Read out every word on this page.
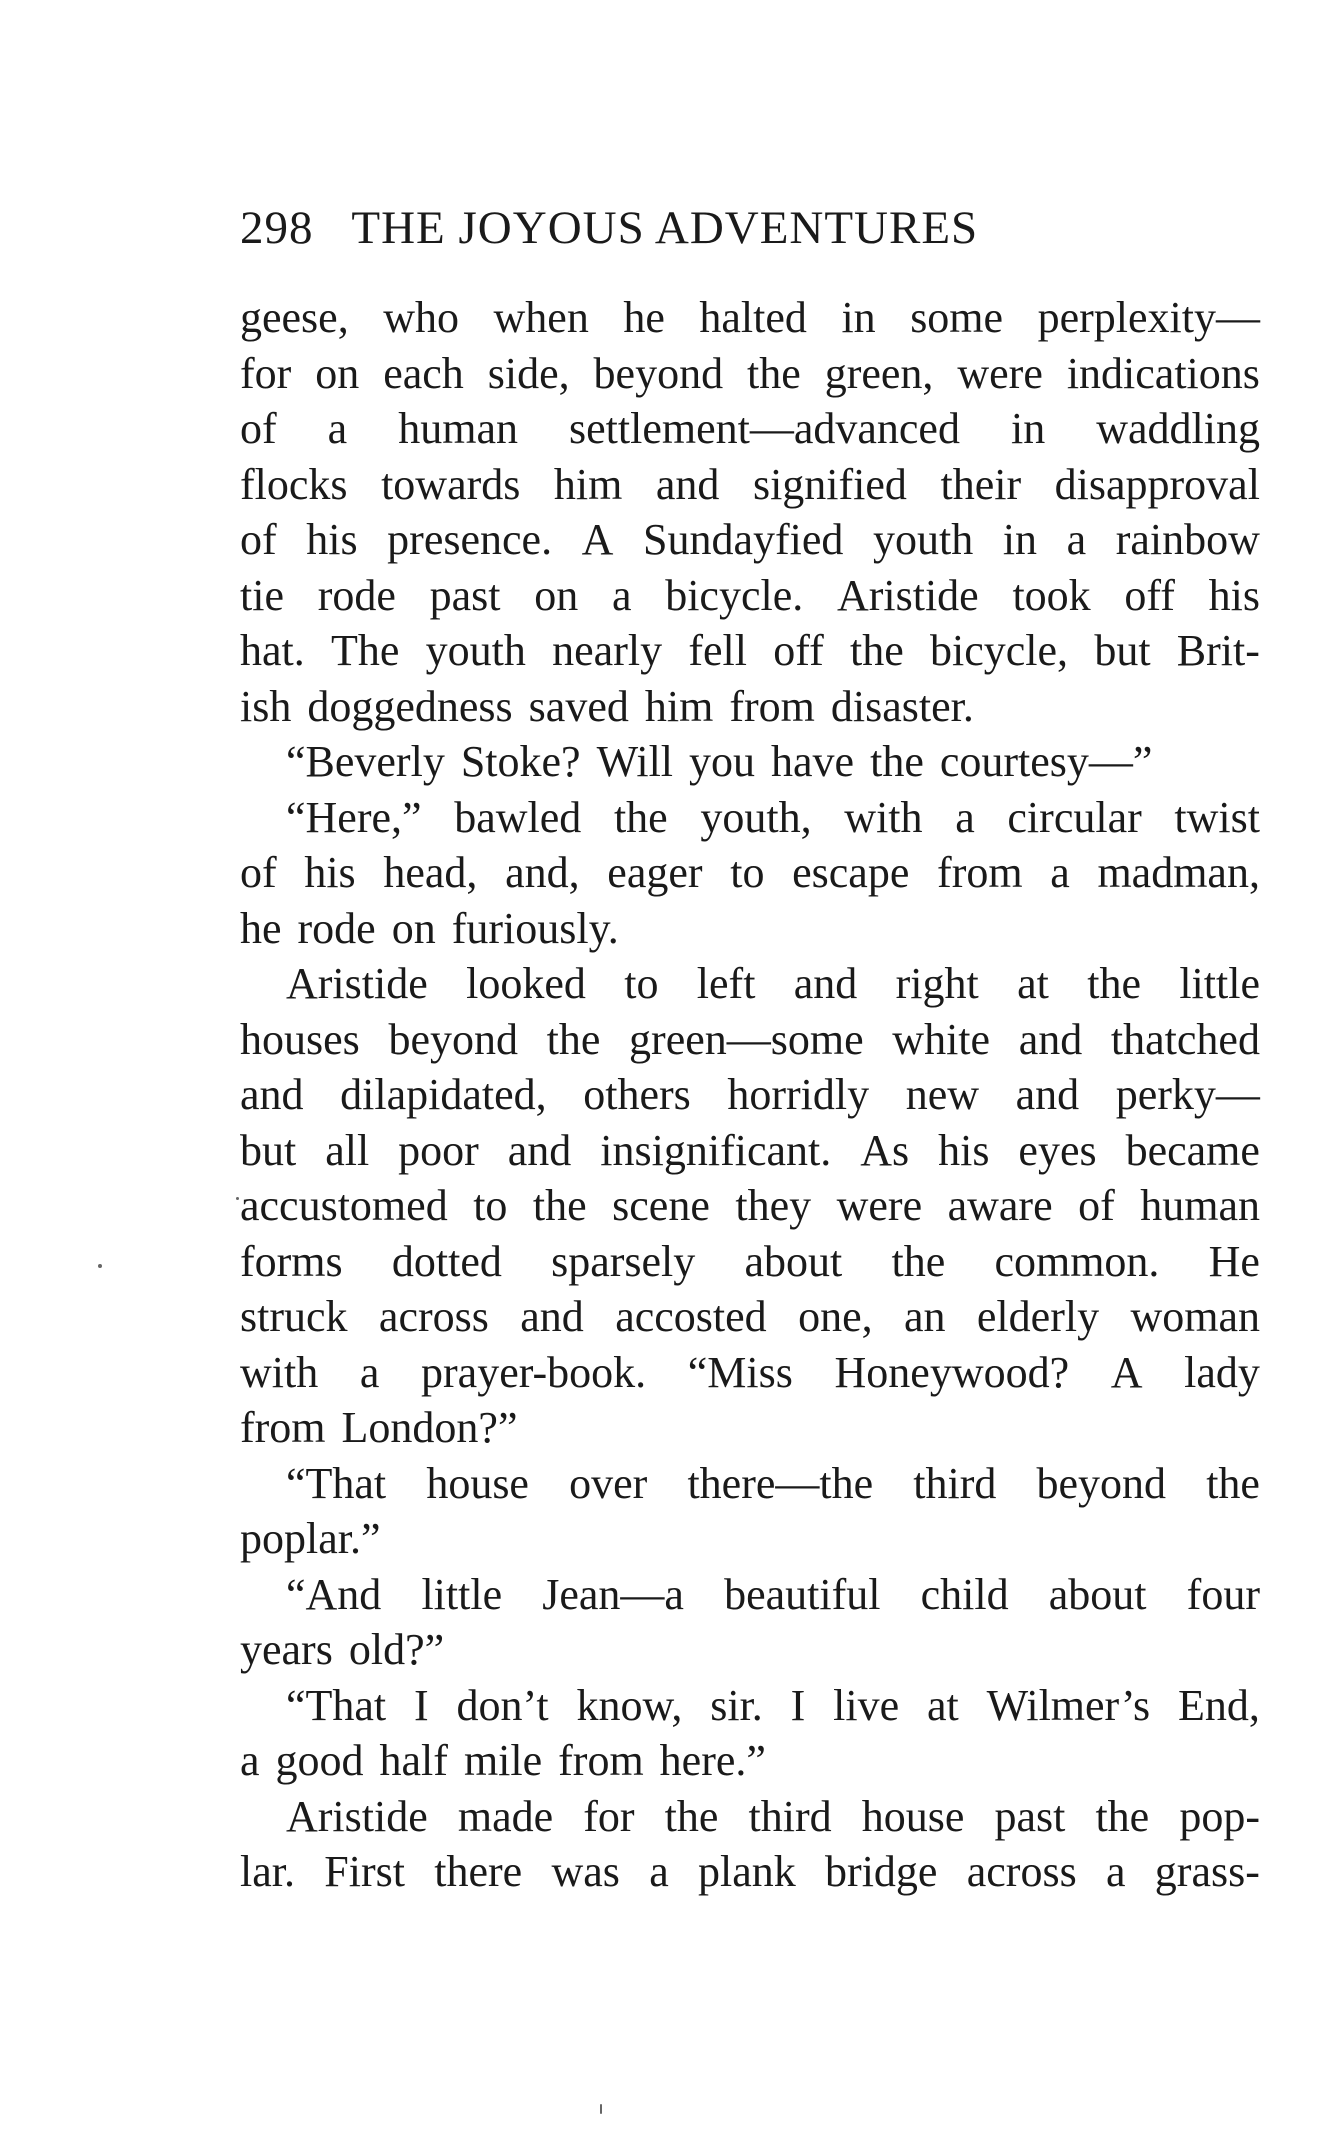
298 THE JOYOUS ADVENTURES
geese, who when he halted in some perplexity—
for on each side, beyond the green, were indications
of a human settlement—advanced in waddling
flocks towards him and signified their disapproval
of his presence. A Sundayfied youth in a rainbow
tie rode past on a bicycle. Aristide took off his
hat. The youth nearly fell off the bicycle, but Brit-
ish doggedness saved him from disaster.
“Beverly Stoke? Will you have the courtesy—”
“Here,” bawled the youth, with a circular twist
of his head, and, eager to escape from a madman,
he rode on furiously.
Aristide looked to left and right at the little
houses beyond the green—some white and thatched
and dilapidated, others horridly new and perky—
but all poor and insignificant. As his eyes became
accustomed to the scene they were aware of human
forms dotted sparsely about the common. He
struck across and accosted one, an elderly woman
with a prayer-book. “Miss Honeywood? A lady
from London?”
“That house over there—the third beyond the
poplar.”
“And little Jean—a beautiful child about four
years old?”
“That I don’t know, sir. I live at Wilmer’s End,
a good half mile from here.”
Aristide made for the third house past the pop-
lar. First there was a plank bridge across a grass-
